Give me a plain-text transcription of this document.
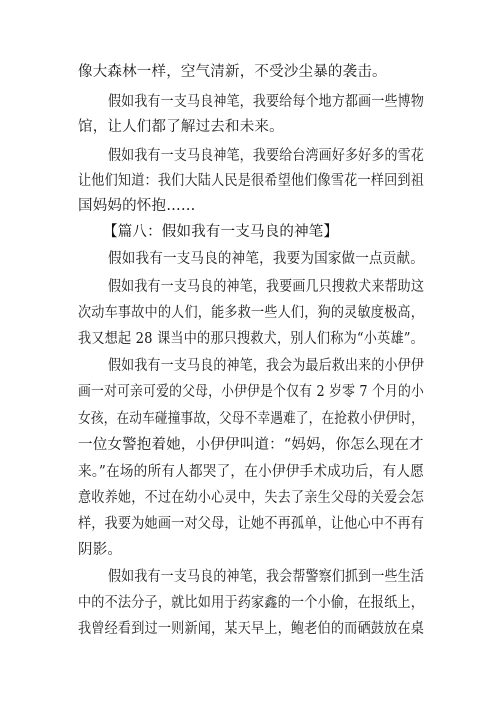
像大森林一样，空气清新，不受沙尘暴的袭击。
假如我有一支马良神笔，我要给每个地方都画一些博物
馆，让人们都了解过去和未来。
假如我有一支马良神笔，我要给台湾画好多好多的雪花
让他们知道：我们大陆人民是很希望他们像雪花一样回到祖
国妈妈的怀抱……
【篇八：假如我有一支马良的神笔】
假如我有一支马良的神笔，我要为国家做一点贡献。
假如我有一支马良的神笔，我要画几只搜救犬来帮助这
次动车事故中的人们，能多救一些人们，狗的灵敏度极高，
我又想起 28 课当中的那只搜救犬，别人们称为“小英雄”。
假如我有一支马良的神笔，我会为最后救出来的小伊伊
画一对可亲可爱的父母，小伊伊是个仅有 2 岁零 7 个月的小
女孩，在动车碰撞事故，父母不幸遇难了，在抢救小伊伊时，
一位女警抱着她，小伊伊叫道：“妈妈，你怎么现在才
来。”在场的所有人都哭了，在小伊伊手术成功后，有人愿
意收养她，不过在幼小心灵中，失去了亲生父母的关爱会怎
样，我要为她画一对父母，让她不再孤单，让他心中不再有
阴影。
假如我有一支马良的神笔，我会帮警察们抓到一些生活
中的不法分子，就比如用于药家鑫的一个小偷，在报纸上，
我曾经看到过一则新闻，某天早上，鲍老伯的而硒鼓放在桌
